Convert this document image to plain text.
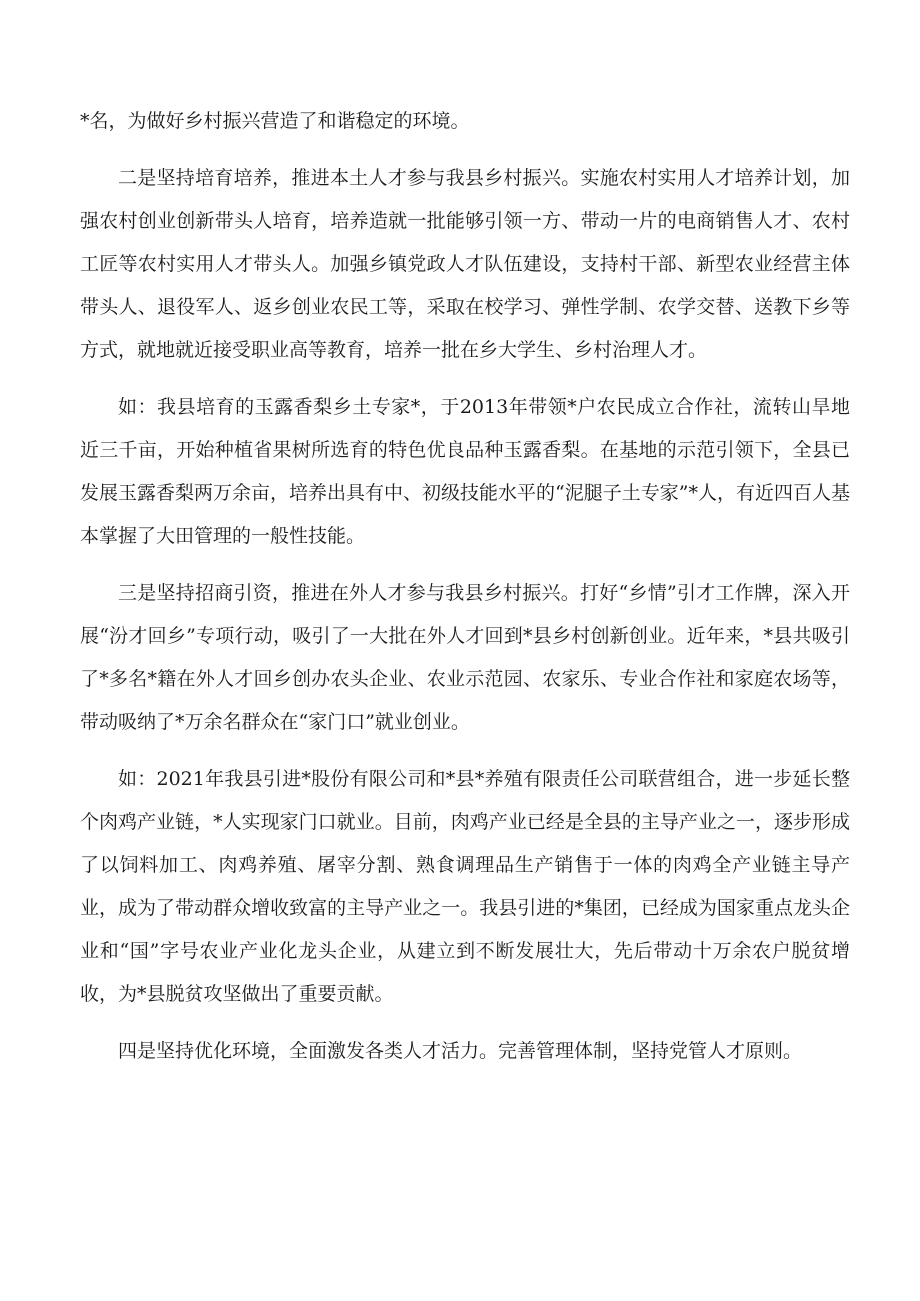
*名，为做好乡村振兴营造了和谐稳定的环境。

二是坚持培育培养，推进本土人才参与我县乡村振兴。实施农村实用人才培养计划，加强农村创业创新带头人培育，培养造就一批能够引领一方、带动一片的电商销售人才、农村工匠等农村实用人才带头人。加强乡镇党政人才队伍建设，支持村干部、新型农业经营主体带头人、退役军人、返乡创业农民工等，采取在校学习、弹性学制、农学交替、送教下乡等方式，就地就近接受职业高等教育，培养一批在乡大学生、乡村治理人才。

如：我县培育的玉露香梨乡土专家*，于2013年带领*户农民成立合作社，流转山旱地近三千亩，开始种植省果树所选育的特色优良品种玉露香梨。在基地的示范引领下，全县已发展玉露香梨两万余亩，培养出具有中、初级技能水平的“泥腿子土专家”*人，有近四百人基本掌握了大田管理的一般性技能。

三是坚持招商引资，推进在外人才参与我县乡村振兴。打好“乡情”引才工作牌，深入开展“汾才回乡”专项行动，吸引了一大批在外人才回到*县乡村创新创业。近年来，*县共吸引了*多名*籍在外人才回乡创办农头企业、农业示范园、农家乐、专业合作社和家庭农场等，带动吸纳了*万余名群众在“家门口”就业创业。

如：2021年我县引进*股份有限公司和*县*养殖有限责任公司联营组合，进一步延长整个肉鸡产业链，*人实现家门口就业。目前，肉鸡产业已经是全县的主导产业之一，逐步形成了以饲料加工、肉鸡养殖、屠宰分割、熟食调理品生产销售于一体的肉鸡全产业链主导产业，成为了带动群众增收致富的主导产业之一。我县引进的*集团，已经成为国家重点龙头企业和“国”字号农业产业化龙头企业，从建立到不断发展壮大，先后带动十万余农户脱贫增收，为*县脱贫攻坚做出了重要贡献。

四是坚持优化环境，全面激发各类人才活力。完善管理体制，坚持党管人才原则。
